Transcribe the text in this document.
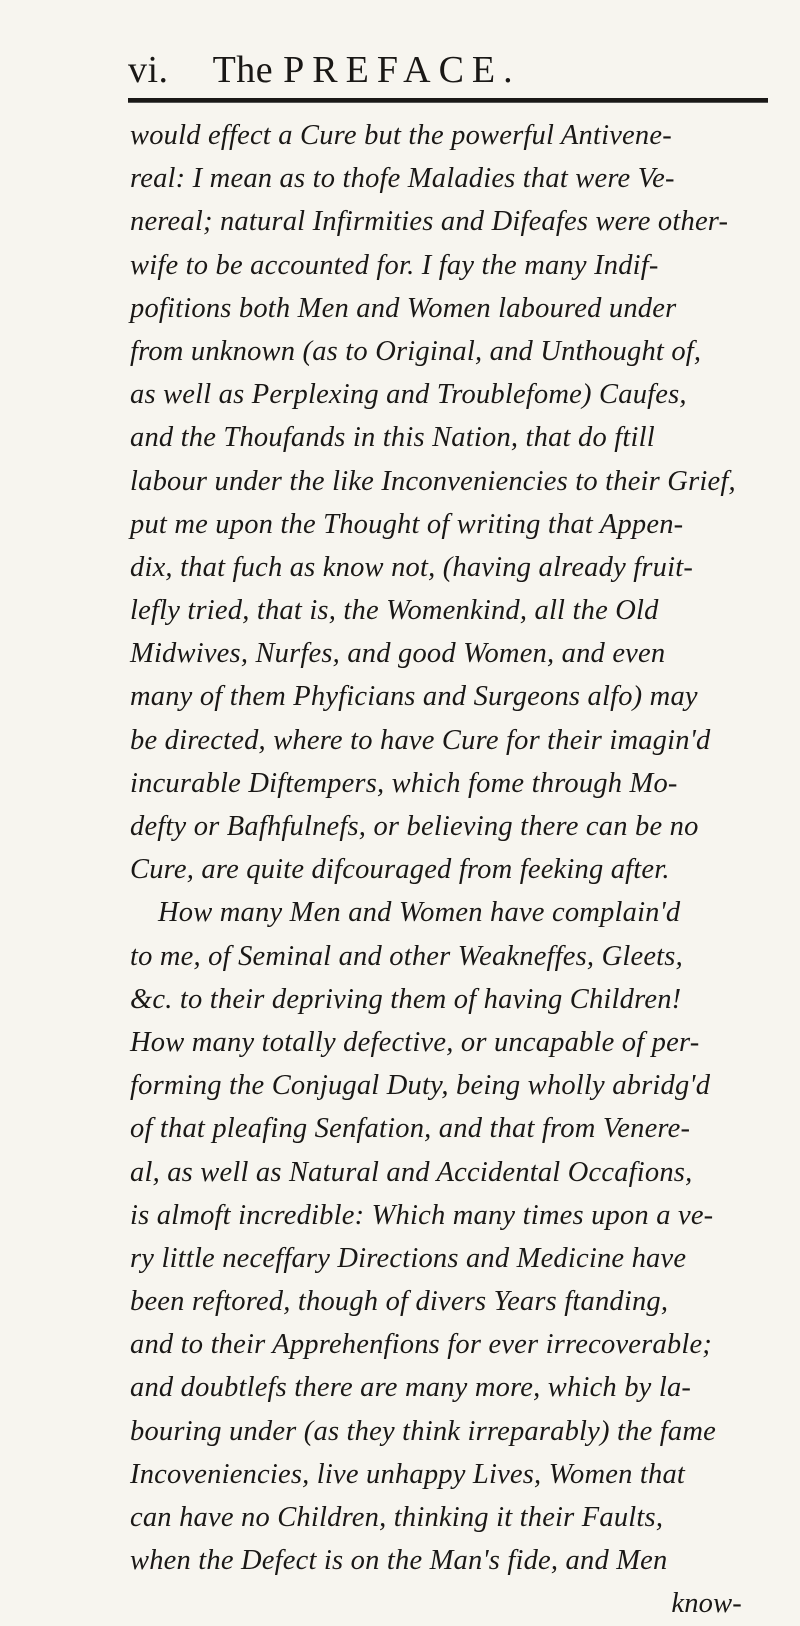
vi. The PREFACE.
would effect a Cure but the powerful Antivene-
real: I mean as to thofe Maladies that were Ve-
nereal; natural Infirmities and Difeafes were other-
wife to be accounted for. I fay the many Indif-
pofitions both Men and Women laboured under
from unknown (as to Original, and Unthought of,
as well as Perplexing and Troublefome) Caufes,
and the Thoufands in this Nation, that do ftill
labour under the like Inconveniencies to their Grief,
put me upon the Thought of writing that Appen-
dix, that fuch as know not, (having already fruit-
lefly tried, that is, the Womenkind, all the Old
Midwives, Nurfes, and good Women, and even
many of them Phyficians and Surgeons alfo) may
be directed, where to have Cure for their imagin'd
incurable Diftempers, which fome through Mo-
defty or Bafhfulnefs, or believing there can be no
Cure, are quite difcouraged from feeking after.
How many Men and Women have complain'd
to me, of Seminal and other Weakneffes, Gleets,
&c. to their depriving them of having Children!
How many totally defective, or uncapable of per-
forming the Conjugal Duty, being wholly abridg'd
of that pleafing Senfation, and that from Venere-
al, as well as Natural and Accidental Occafions,
is almoft incredible: Which many times upon a ve-
ry little neceffary Directions and Medicine have
been reftored, though of divers Years ftanding,
and to their Apprehenfions for ever irrecoverable;
and doubtlefs there are many more, which by la-
bouring under (as they think irreparably) the fame
Incoveniencies, live unhappy Lives, Women that
can have no Children, thinking it their Faults,
when the Defect is on the Man's fide, and Men
know-
